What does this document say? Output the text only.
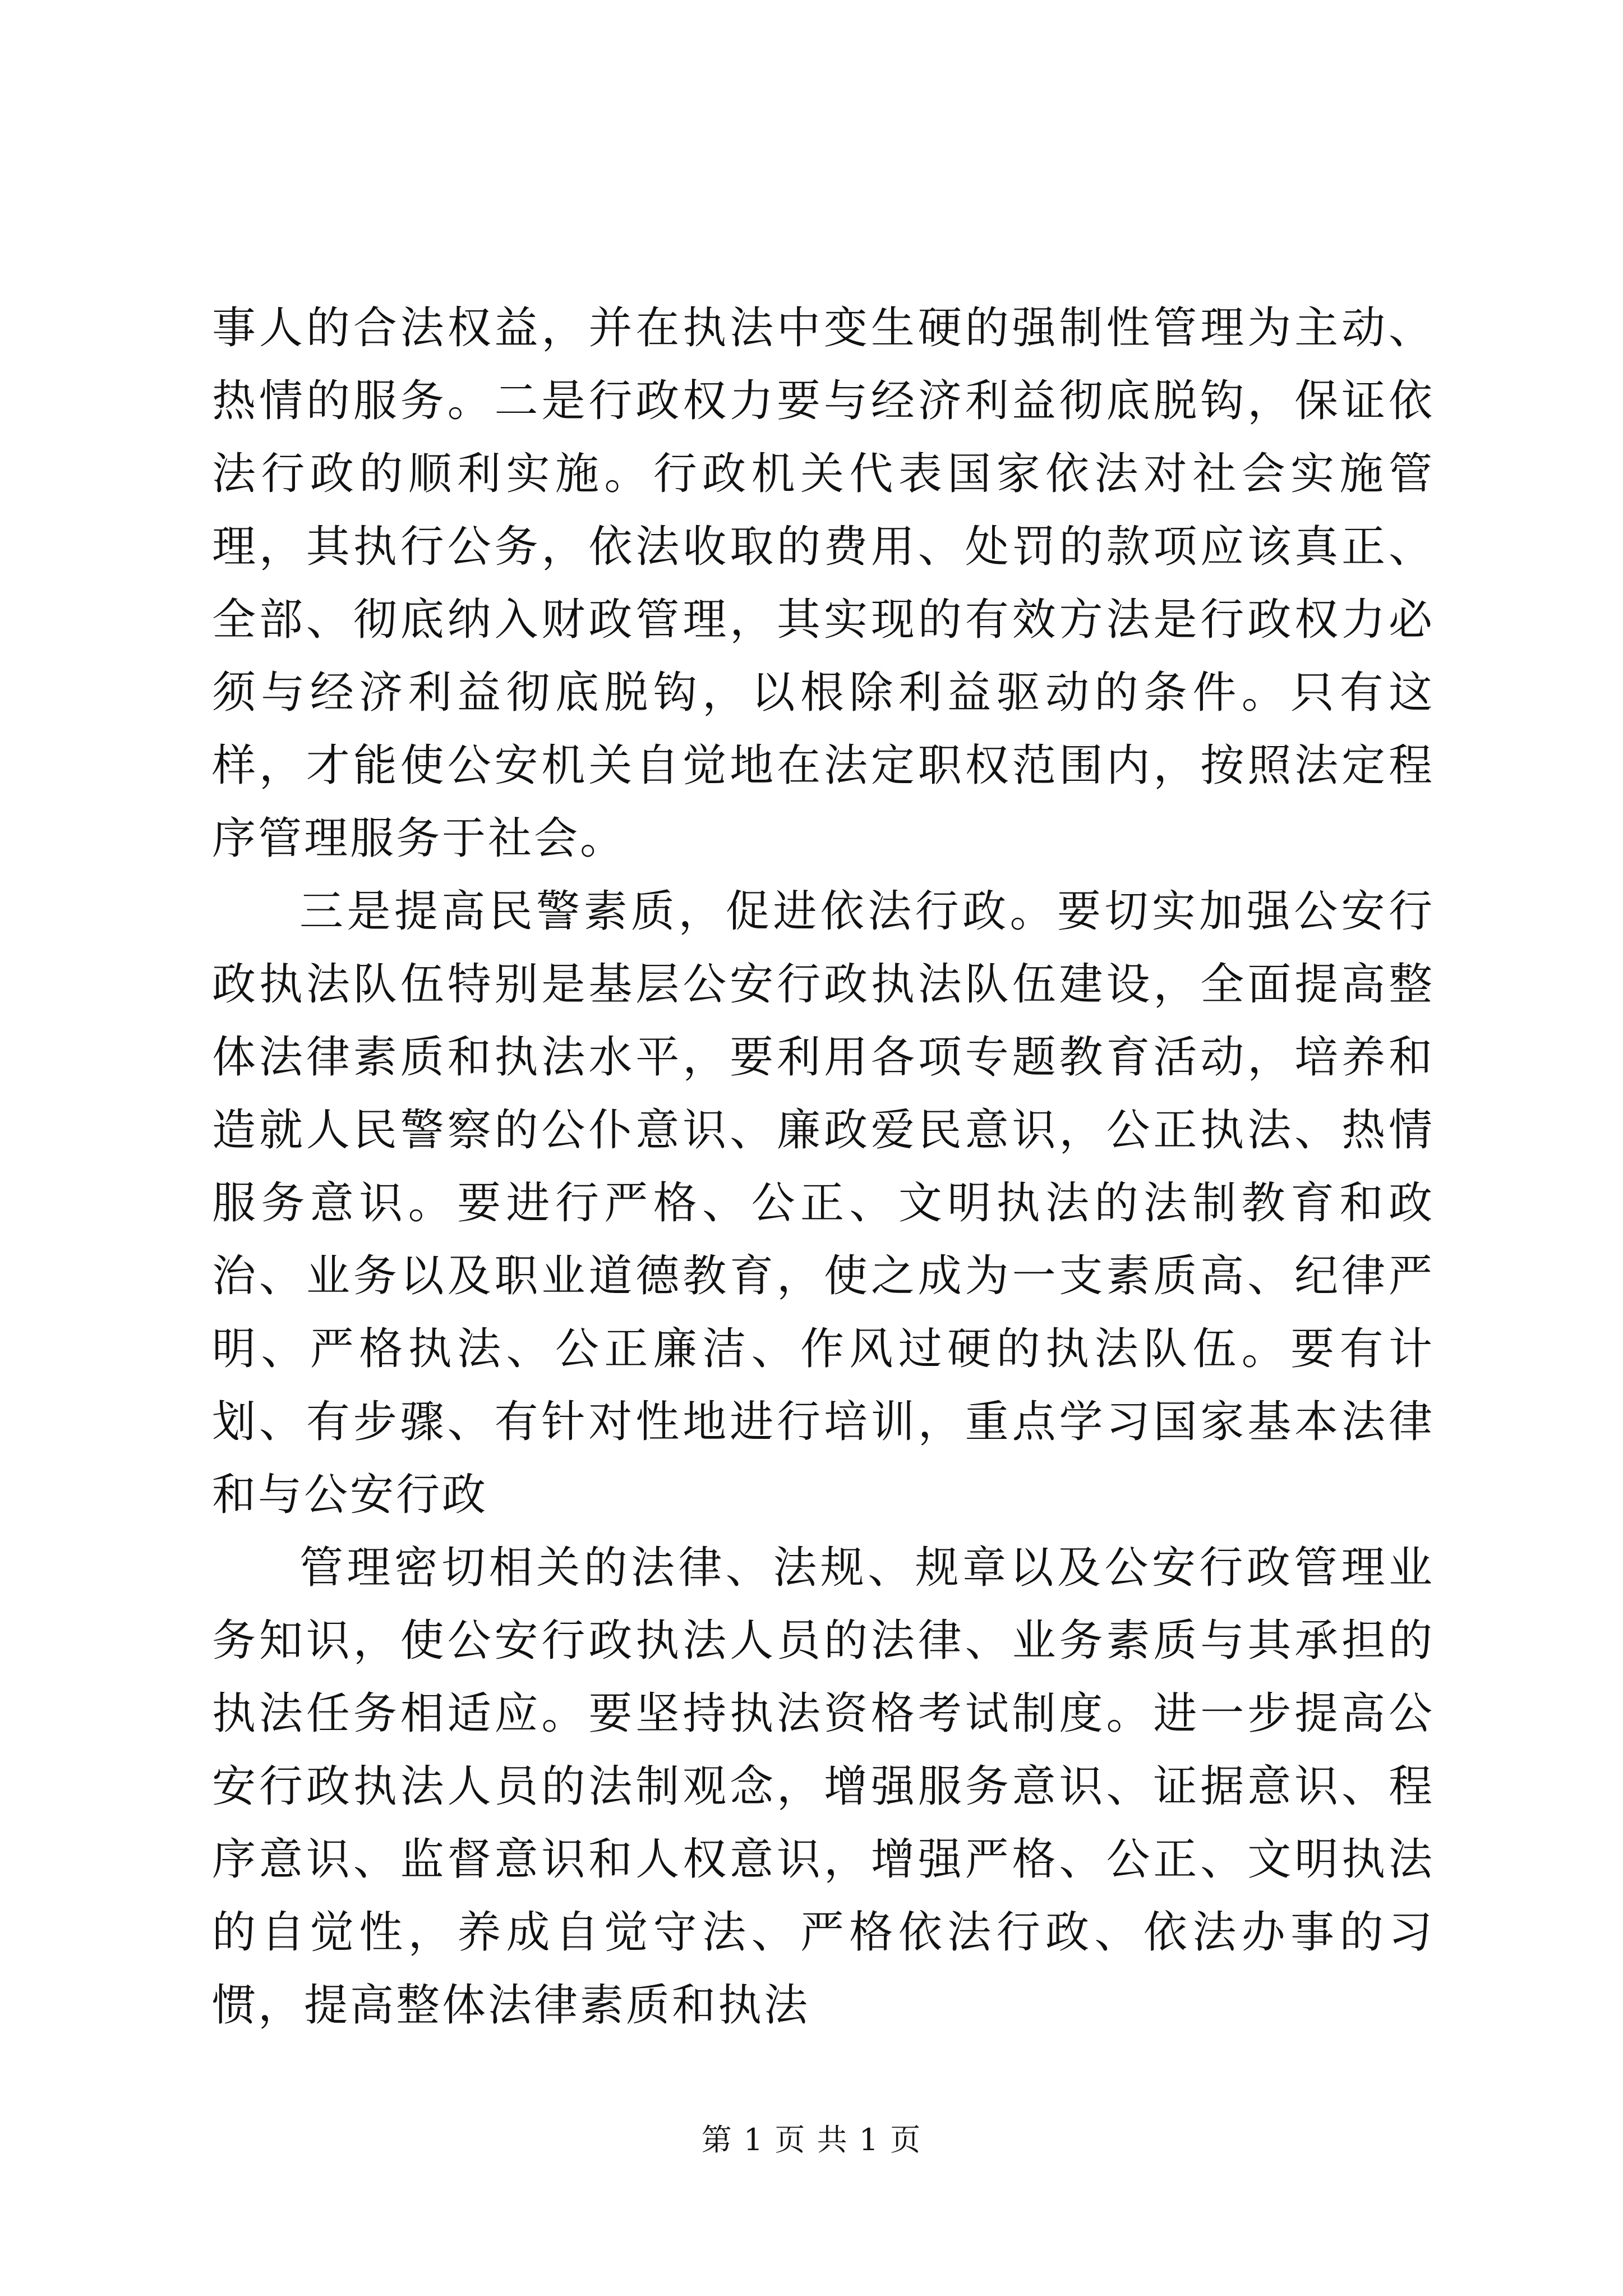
事人的合法权益，并在执法中变生硬的强制性管理为主动、热情的服务。二是行政权力要与经济利益彻底脱钩，保证依法行政的顺利实施。行政机关代表国家依法对社会实施管理，其执行公务，依法收取的费用、处罚的款项应该真正、全部、彻底纳入财政管理，其实现的有效方法是行政权力必须与经济利益彻底脱钩，以根除利益驱动的条件。只有这样，才能使公安机关自觉地在法定职权范围内，按照法定程序管理服务于社会。

三是提高民警素质，促进依法行政。要切实加强公安行政执法队伍特别是基层公安行政执法队伍建设，全面提高整体法律素质和执法水平，要利用各项专题教育活动，培养和造就人民警察的公仆意识、廉政爱民意识，公正执法、热情服务意识。要进行严格、公正、文明执法的法制教育和政治、业务以及职业道德教育，使之成为一支素质高、纪律严明、严格执法、公正廉洁、作风过硬的执法队伍。要有计划、有步骤、有针对性地进行培训，重点学习国家基本法律和与公安行政

管理密切相关的法律、法规、规章以及公安行政管理业务知识，使公安行政执法人员的法律、业务素质与其承担的执法任务相适应。要坚持执法资格考试制度。进一步提高公安行政执法人员的法制观念，增强服务意识、证据意识、程序意识、监督意识和人权意识，增强严格、公正、文明执法的自觉性，养成自觉守法、严格依法行政、依法办事的习惯，提高整体法律素质和执法

第 1 页 共 1 页
